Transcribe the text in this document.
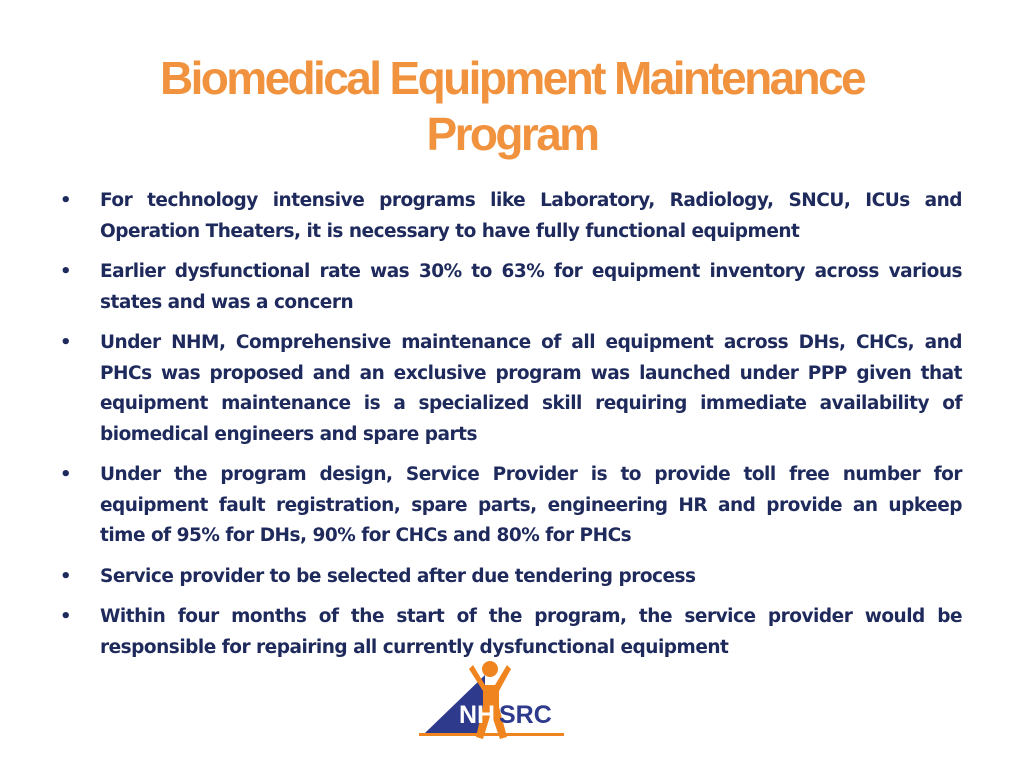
Biomedical Equipment Maintenance
Program
• For technology intensive programs like Laboratory, Radiology, SNCU, ICUs and Operation Theaters, it is necessary to have fully functional equipment
• Earlier dysfunctional rate was 30% to 63% for equipment inventory across various states and was a concern
• Under NHM, Comprehensive maintenance of all equipment across DHs, CHCs, and PHCs was proposed and an exclusive program was launched under PPP given that equipment maintenance is a specialized skill requiring immediate availability of biomedical engineers and spare parts
• Under the program design, Service Provider is to provide toll free number for equipment fault registration, spare parts, engineering HR and provide an upkeep time of 95% for DHs, 90% for CHCs and 80% for PHCs
• Service provider to be selected after due tendering process
• Within four months of the start of the program, the service provider would be responsible for repairing all currently dysfunctional equipment
NH SRC
